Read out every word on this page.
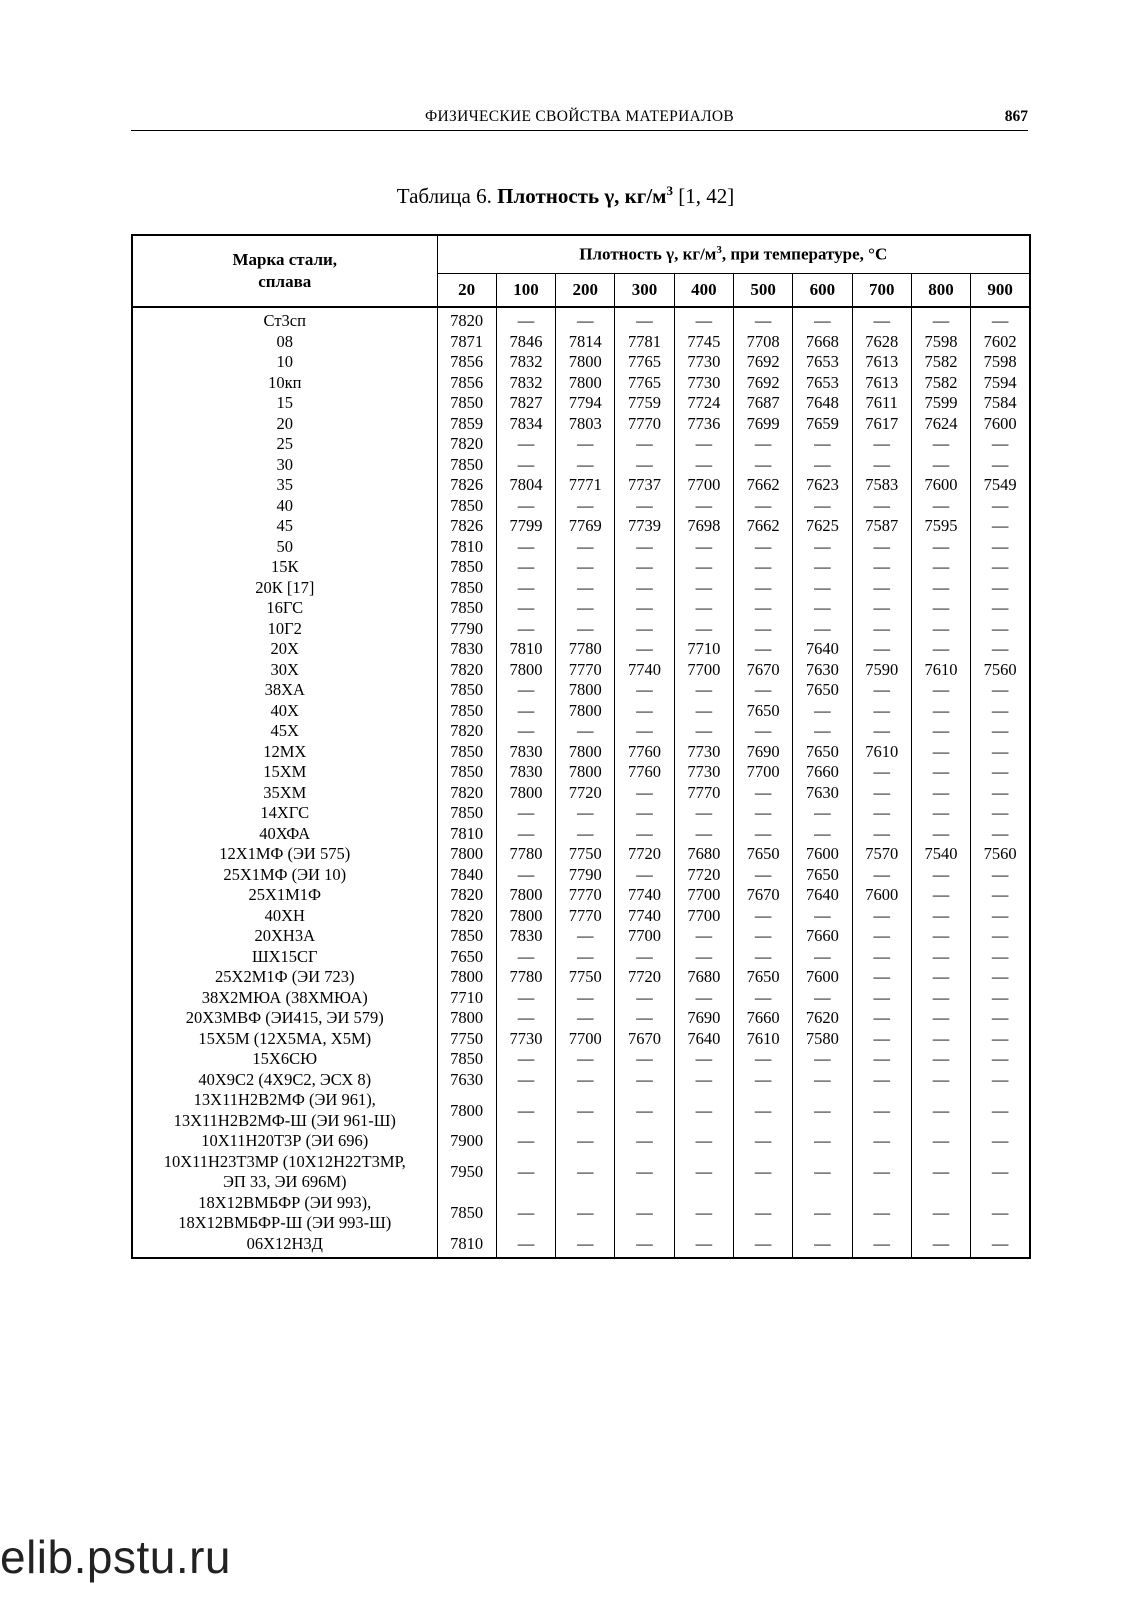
ФИЗИЧЕСКИЕ СВОЙСТВА МАТЕРИАЛОВ	867
Таблица 6. Плотность γ, $кг/м^3$ [1, 42]
Марка стали,
сплава	Плотность γ, $кг/м^3$, при температуре, °С									
	20	100	200	300	400	500	600	700	800	900
Ст3сп	7820	—	—	—	—	—	—	—	—	—
08	7871	7846	7814	7781	7745	7708	7668	7628	7598	7602
10	7856	7832	7800	7765	7730	7692	7653	7613	7582	7598
10кп	7856	7832	7800	7765	7730	7692	7653	7613	7582	7594
15	7850	7827	7794	7759	7724	7687	7648	7611	7599	7584
20	7859	7834	7803	7770	7736	7699	7659	7617	7624	7600
25	7820	—	—	—	—	—	—	—	—	—
30	7850	—	—	—	—	—	—	—	—	—
35	7826	7804	7771	7737	7700	7662	7623	7583	7600	7549
40	7850	—	—	—	—	—	—	—	—	—
45	7826	7799	7769	7739	7698	7662	7625	7587	7595	—
50	7810	—	—	—	—	—	—	—	—	—
15К	7850	—	—	—	—	—	—	—	—	—
20К [17]	7850	—	—	—	—	—	—	—	—	—
16ГС	7850	—	—	—	—	—	—	—	—	—
10Г2	7790	—	—	—	—	—	—	—	—	—
20Х	7830	7810	7780	—	7710	—	7640	—	—	—
30Х	7820	7800	7770	7740	7700	7670	7630	7590	7610	7560
38ХА	7850	—	7800	—	—	—	7650	—	—	—
40Х	7850	—	7800	—	—	7650	—	—	—	—
45Х	7820	—	—	—	—	—	—	—	—	—
12МХ	7850	7830	7800	7760	7730	7690	7650	7610	—	—
15ХМ	7850	7830	7800	7760	7730	7700	7660	—	—	—
35ХМ	7820	7800	7720	—	7770	—	7630	—	—	—
14ХГС	7850	—	—	—	—	—	—	—	—	—
40ХФА	7810	—	—	—	—	—	—	—	—	—
12Х1МФ (ЭИ 575)	7800	7780	7750	7720	7680	7650	7600	7570	7540	7560
25Х1МФ (ЭИ 10)	7840	—	7790	—	7720	—	7650	—	—	—
25Х1М1Ф	7820	7800	7770	7740	7700	7670	7640	7600	—	—
40ХН	7820	7800	7770	7740	7700	—	—	—	—	—
20ХН3А	7850	7830	—	7700	—	—	7660	—	—	—
ШХ15СГ	7650	—	—	—	—	—	—	—	—	—
25Х2М1Ф (ЭИ 723)	7800	7780	7750	7720	7680	7650	7600	—	—	—
38Х2МЮА (38ХМЮА)	7710	—	—	—	—	—	—	—	—	—
20Х3МВФ (ЭИ415, ЭИ 579)	7800	—	—	—	7690	7660	7620	—	—	—
15Х5М (12Х5МА, Х5М)	7750	7730	7700	7670	7640	7610	7580	—	—	—
15Х6СЮ	7850	—	—	—	—	—	—	—	—	—
40Х9С2 (4Х9С2, ЭСХ 8)	7630	—	—	—	—	—	—	—	—	—
13Х11Н2В2МФ (ЭИ 961),
13Х11Н2В2МФ-Ш (ЭИ 961-Ш)	7800	—	—	—	—	—	—	—	—	—
10Х11Н20Т3Р (ЭИ 696)	7900	—	—	—	—	—	—	—	—	—
10Х11Н23Т3МР (10Х12Н22Т3МР,
ЭП 33, ЭИ 696М)	7950	—	—	—	—	—	—	—	—	—
18Х12ВМБФР (ЭИ 993),
18Х12ВМБФР-Ш (ЭИ 993-Ш)	7850	—	—	—	—	—	—	—	—	—
06Х12Н3Д	7810	—	—	—	—	—	—	—	—	—
elib.pstu.ru
